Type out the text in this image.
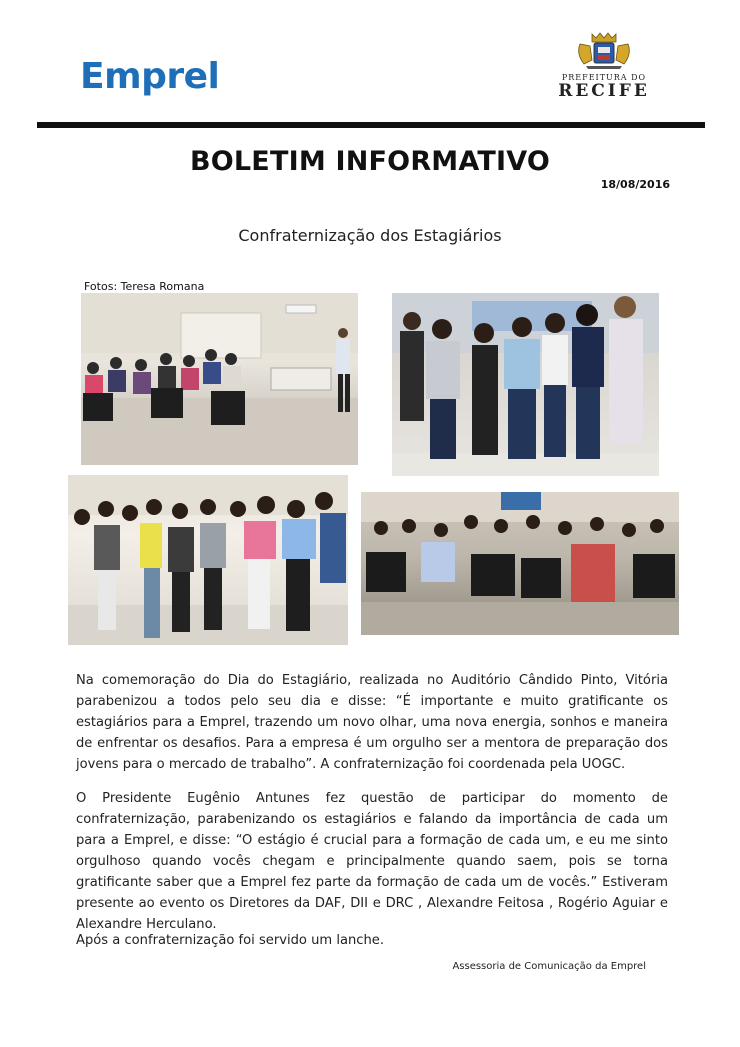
Emprel	PREFEITURA DO
RECIFE
BOLETIM INFORMATIVO
18/08/2016
Confraternização dos Estagiários
Fotos: Teresa Romana

Na comemoração do Dia do Estagiário, realizada no Auditório Cândido Pinto, Vitória parabenizou a todos pelo seu dia e disse: “É importante e muito gratificante os estagiários para a Emprel, trazendo um novo olhar, uma nova energia, sonhos e maneira de enfrentar os desafios. Para a empresa é um orgulho ser a mentora de preparação dos jovens para o mercado de trabalho”. A confraternização foi coordenada pela UOGC.

O Presidente Eugênio Antunes fez questão de participar do momento de confraternização, parabenizando os estagiários e falando da importância de cada um para a Emprel, e disse: “O estágio é crucial para a formação de cada um, e eu me sinto orgulhoso quando vocês chegam e principalmente quando saem, pois se torna gratificante saber que a Emprel fez parte da formação de cada um de vocês.” Estiveram presente ao evento os Diretores da DAF, DII e DRC , Alexandre Feitosa , Rogério Aguiar e Alexandre Herculano.

Após a confraternização foi servido um lanche.

Assessoria de Comunicação da Emprel
